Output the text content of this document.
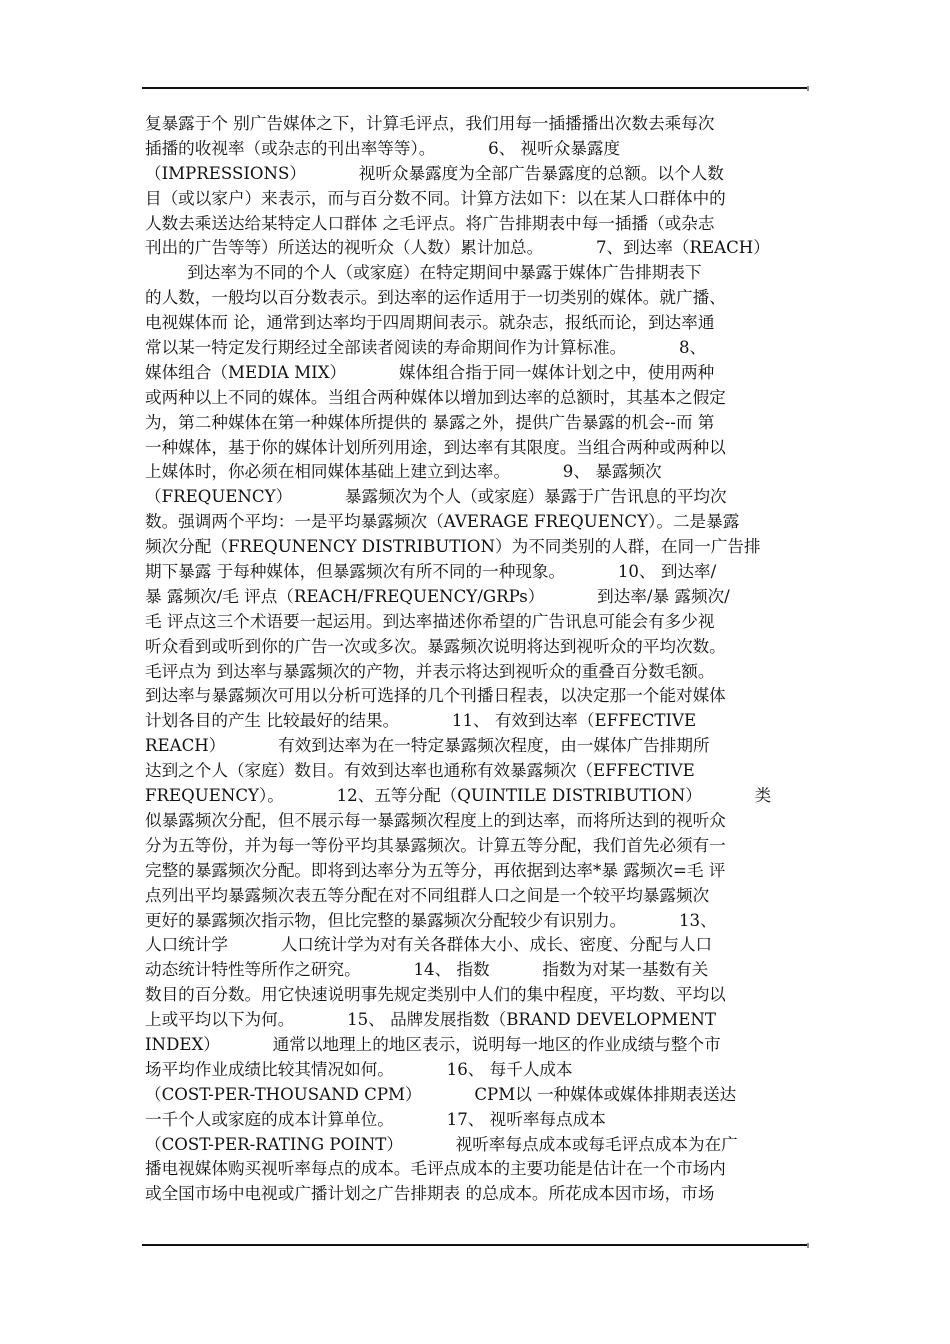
复暴露于个 别广告媒体之下，计算毛评点，我们用每一插播播出次数去乘每次
插播的收视率（或杂志的刊出率等等）。          6、 视听众暴露度
（IMPRESSIONS）          视听众暴露度为全部广告暴露度的总额。以个人数
目（或以家户）来表示，而与百分数不同。计算方法如下：以在某人口群体中的
人数去乘送达给某特定人口群体 之毛评点。将广告排期表中每一插播（或杂志
刊出的广告等等）所送达的视听众（人数）累计加总。          7、到达率（REACH）
到达率为不同的个人（或家庭）在特定期间中暴露于媒体广告排期表下
的人数，一般均以百分数表示。到达率的运作适用于一切类别的媒体。就广播、
电视媒体而 论，通常到达率均于四周期间表示。就杂志，报纸而论，到达率通
常以某一特定发行期经过全部读者阅读的寿命期间作为计算标准。          8、
媒体组合（MEDIA MIX）          媒体组合指于同一媒体计划之中，使用两种
或两种以上不同的媒体。当组合两种媒体以增加到达率的总额时，其基本之假定
为，第二种媒体在第一种媒体所提供的 暴露之外，提供广告暴露的机会--而 第
一种媒体，基于你的媒体计划所列用途，到达率有其限度。当组合两种或两种以
上媒体时，你必须在相同媒体基础上建立到达率。          9、 暴露频次
（FREQUENCY）          暴露频次为个人（或家庭）暴露于广告讯息的平均次
数。强调两个平均：一是平均暴露频次（AVERAGE FREQUENCY）。二是暴露
频次分配（FREQUNENCY DISTRIBUTION）为不同类别的人群，在同一广告排
期下暴露 于每种媒体，但暴露频次有所不同的一种现象。          10、 到达率/
暴 露频次/毛 评点（REACH/FREQUENCY/GRPs）          到达率/暴 露频次/
毛 评点这三个术语要一起运用。到达率描述你希望的广告讯息可能会有多少视
听众看到或听到你的广告一次或多次。暴露频次说明将达到视听众的平均次数。
毛评点为 到达率与暴露频次的产物，并表示将达到视听众的重叠百分数毛额。
到达率与暴露频次可用以分析可选择的几个刊播日程表，以决定那一个能对媒体
计划各目的产生 比较最好的结果。          11、 有效到达率（EFFECTIVE
REACH）          有效到达率为在一特定暴露频次程度，由一媒体广告排期所
达到之个人（家庭）数目。有效到达率也通称有效暴露频次（EFFECTIVE
FREQUENCY）。          12、五等分配（QUINTILE DISTRIBUTION）          类
似暴露频次分配，但不展示每一暴露频次程度上的到达率，而将所达到的视听众
分为五等份，并为每一等份平均其暴露频次。计算五等分配，我们首先必须有一
完整的暴露频次分配。即将到达率分为五等分，再依据到达率*暴 露频次=毛 评
点列出平均暴露频次表五等分配在对不同组群人口之间是一个较平均暴露频次
更好的暴露频次指示物，但比完整的暴露频次分配较少有识别力。          13、
人口统计学          人口统计学为对有关各群体大小、成长、密度、分配与人口
动态统计特性等所作之研究。          14、 指数          指数为对某一基数有关
数目的百分数。用它快速说明事先规定类别中人们的集中程度，平均数、平均以
上或平均以下为何。          15、 品牌发展指数（BRAND DEVELOPMENT
INDEX）          通常以地理上的地区表示，说明每一地区的作业成绩与整个市
场平均作业成绩比较其情况如何。          16、 每千人成本
（COST-PER-THOUSAND CPM）          CPM以 一种媒体或媒体排期表送达
一千个人或家庭的成本计算单位。          17、 视听率每点成本
（COST-PER-RATING POINT）          视听率每点成本或每毛评点成本为在广
播电视媒体购买视听率每点的成本。毛评点成本的主要功能是估计在一个市场内
或全国市场中电视或广播计划之广告排期表 的总成本。所花成本因市场，市场
